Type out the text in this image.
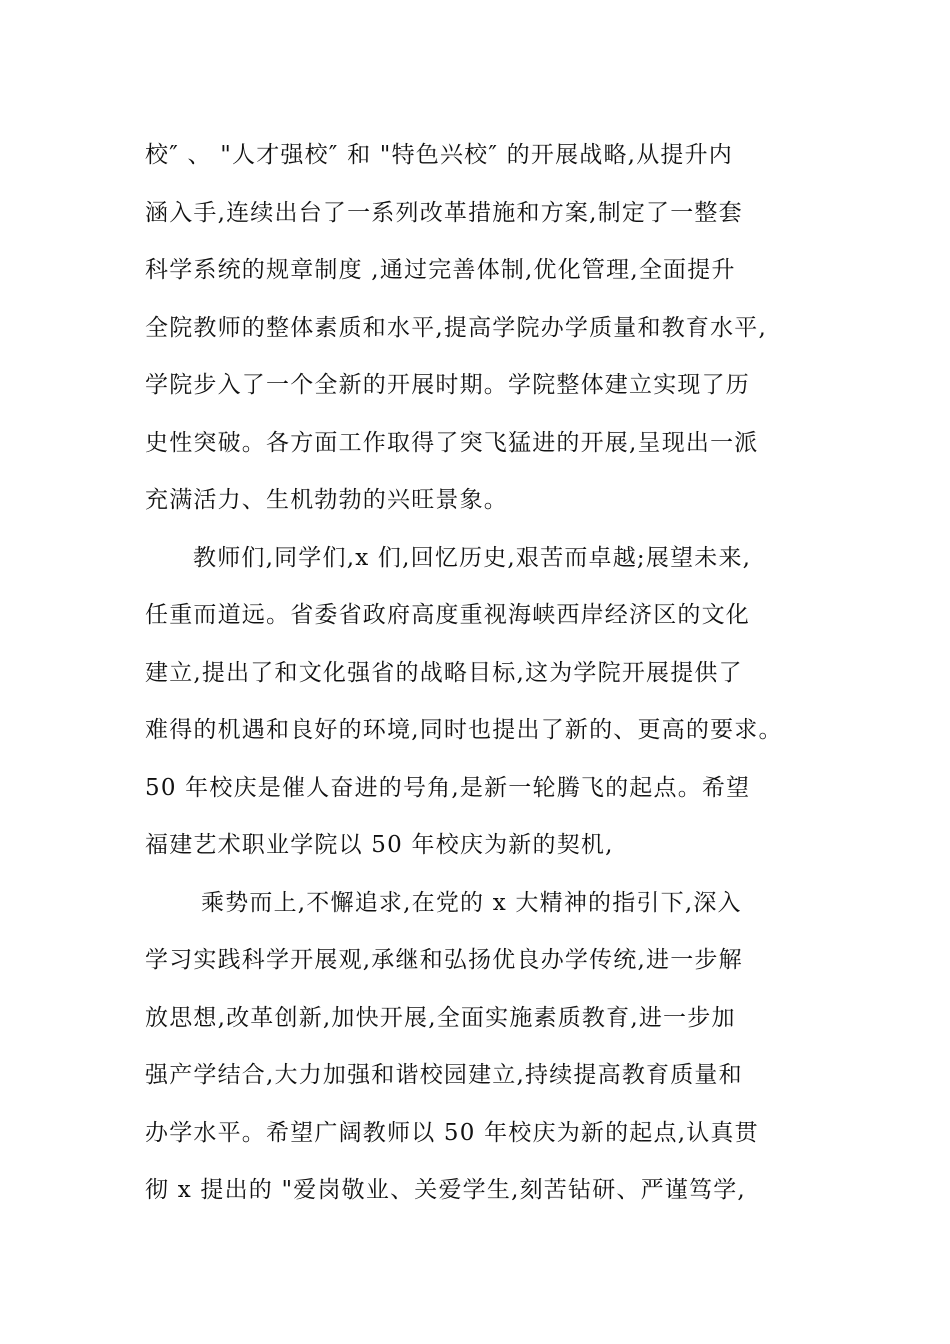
校″ 、 "人才强校″ 和 "特色兴校″ 的开展战略,从提升内
涵入手,连续出台了一系列改革措施和方案,制定了一整套
科学系统的规章制度 ,通过完善体制,优化管理,全面提升
全院教师的整体素质和水平,提高学院办学质量和教育水平,
学院步入了一个全新的开展时期。学院整体建立实现了历
史性突破。各方面工作取得了突飞猛进的开展,呈现出一派
充满活力、生机勃勃的兴旺景象。
教师们,同学们,x 们,回忆历史,艰苦而卓越;展望未来,
任重而道远。省委省政府高度重视海峡西岸经济区的文化
建立,提出了和文化强省的战略目标,这为学院开展提供了
难得的机遇和良好的环境,同时也提出了新的、更高的要求。
50 年校庆是催人奋进的号角,是新一轮腾飞的起点。希望
福建艺术职业学院以 50 年校庆为新的契机,
乘势而上,不懈追求,在党的 x 大精神的指引下,深入
学习实践科学开展观,承继和弘扬优良办学传统,进一步解
放思想,改革创新,加快开展,全面实施素质教育,进一步加
强产学结合,大力加强和谐校园建立,持续提高教育质量和
办学水平。希望广阔教师以 50 年校庆为新的起点,认真贯
彻 x 提出的 "爱岗敬业、关爱学生,刻苦钻研、严谨笃学,
